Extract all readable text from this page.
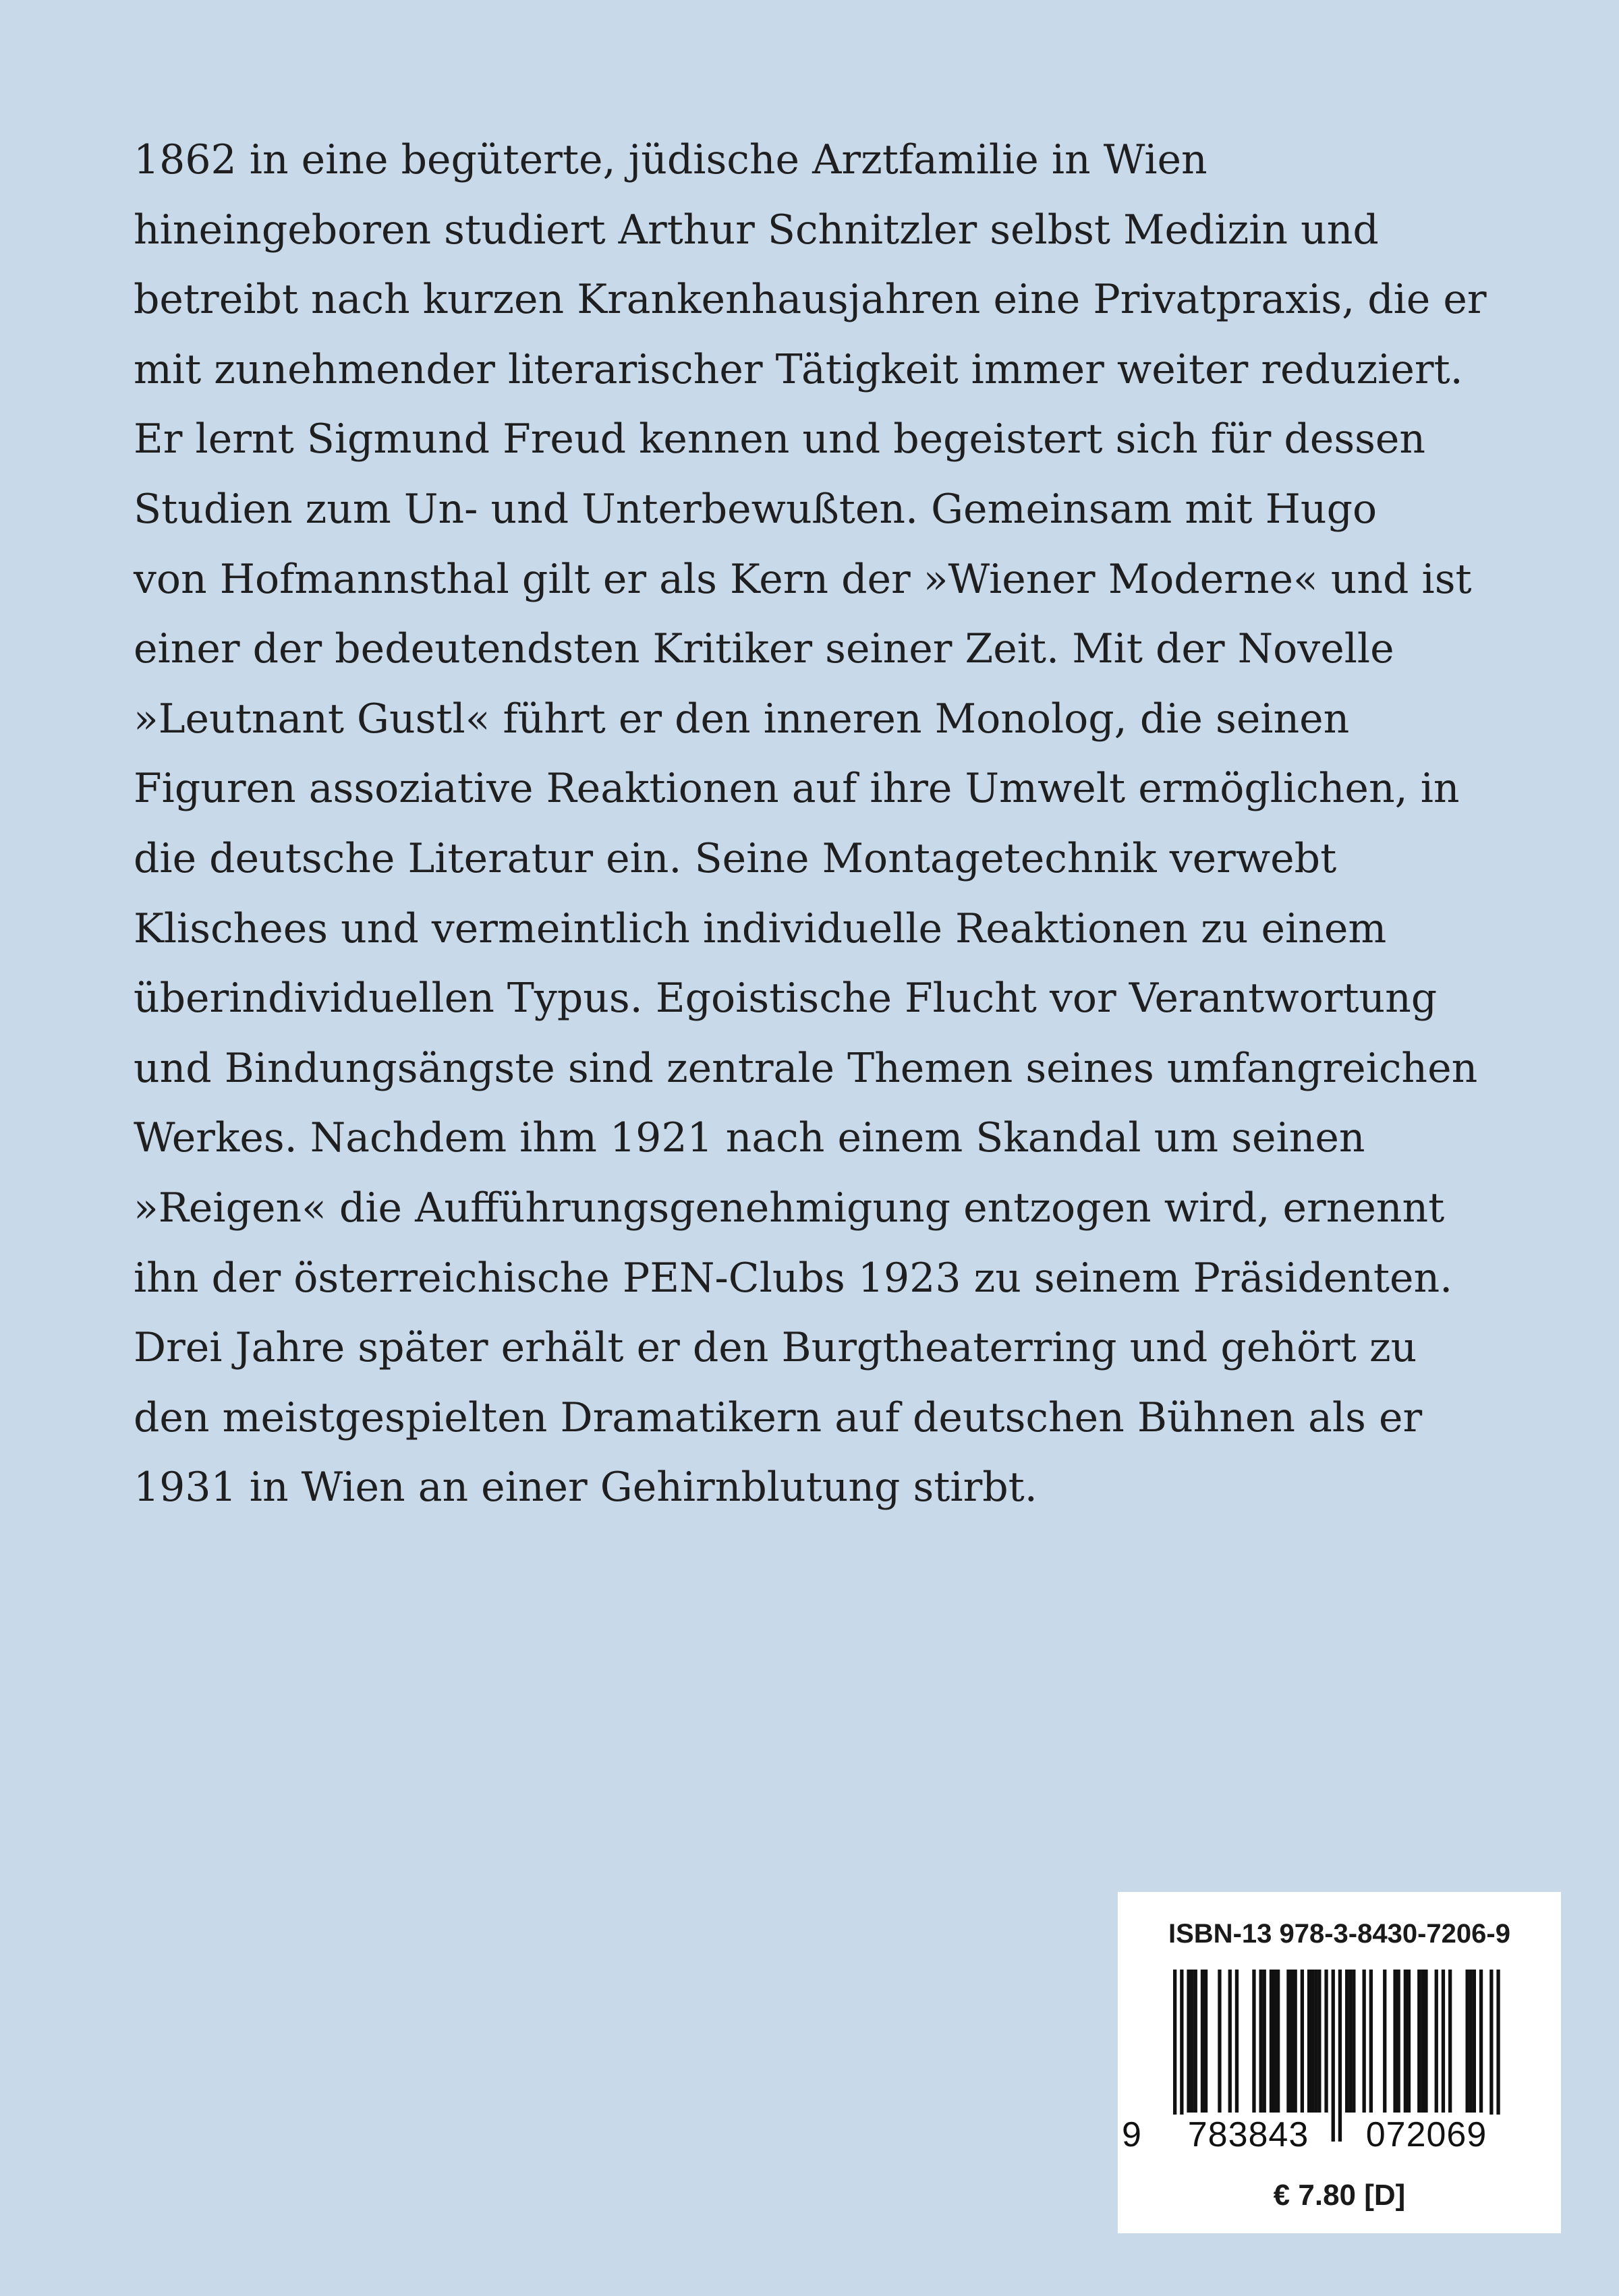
1862 in eine begüterte, jüdische Arztfamilie in Wien
hineingeboren studiert Arthur Schnitzler selbst Medizin und
betreibt nach kurzen Krankenhausjahren eine Privatpraxis, die er
mit zunehmender literarischer Tätigkeit immer weiter reduziert.
Er lernt Sigmund Freud kennen und begeistert sich für dessen
Studien zum Un- und Unterbewußten. Gemeinsam mit Hugo
von Hofmannsthal gilt er als Kern der »Wiener Moderne« und ist
einer der bedeutendsten Kritiker seiner Zeit. Mit der Novelle
»Leutnant Gustl« führt er den inneren Monolog, die seinen
Figuren assoziative Reaktionen auf ihre Umwelt ermöglichen, in
die deutsche Literatur ein. Seine Montagetechnik verwebt
Klischees und vermeintlich individuelle Reaktionen zu einem
überindividuellen Typus. Egoistische Flucht vor Verantwortung
und Bindungsängste sind zentrale Themen seines umfangreichen
Werkes. Nachdem ihm 1921 nach einem Skandal um seinen
»Reigen« die Aufführungsgenehmigung entzogen wird, ernennt
ihn der österreichische PEN-Clubs 1923 zu seinem Präsidenten.
Drei Jahre später erhält er den Burgtheaterring und gehört zu
den meistgespielten Dramatikern auf deutschen Bühnen als er
1931 in Wien an einer Gehirnblutung stirbt.
ISBN-13 978-3-8430-7206-9
9	783843	072069
€ 7.80 [D]
